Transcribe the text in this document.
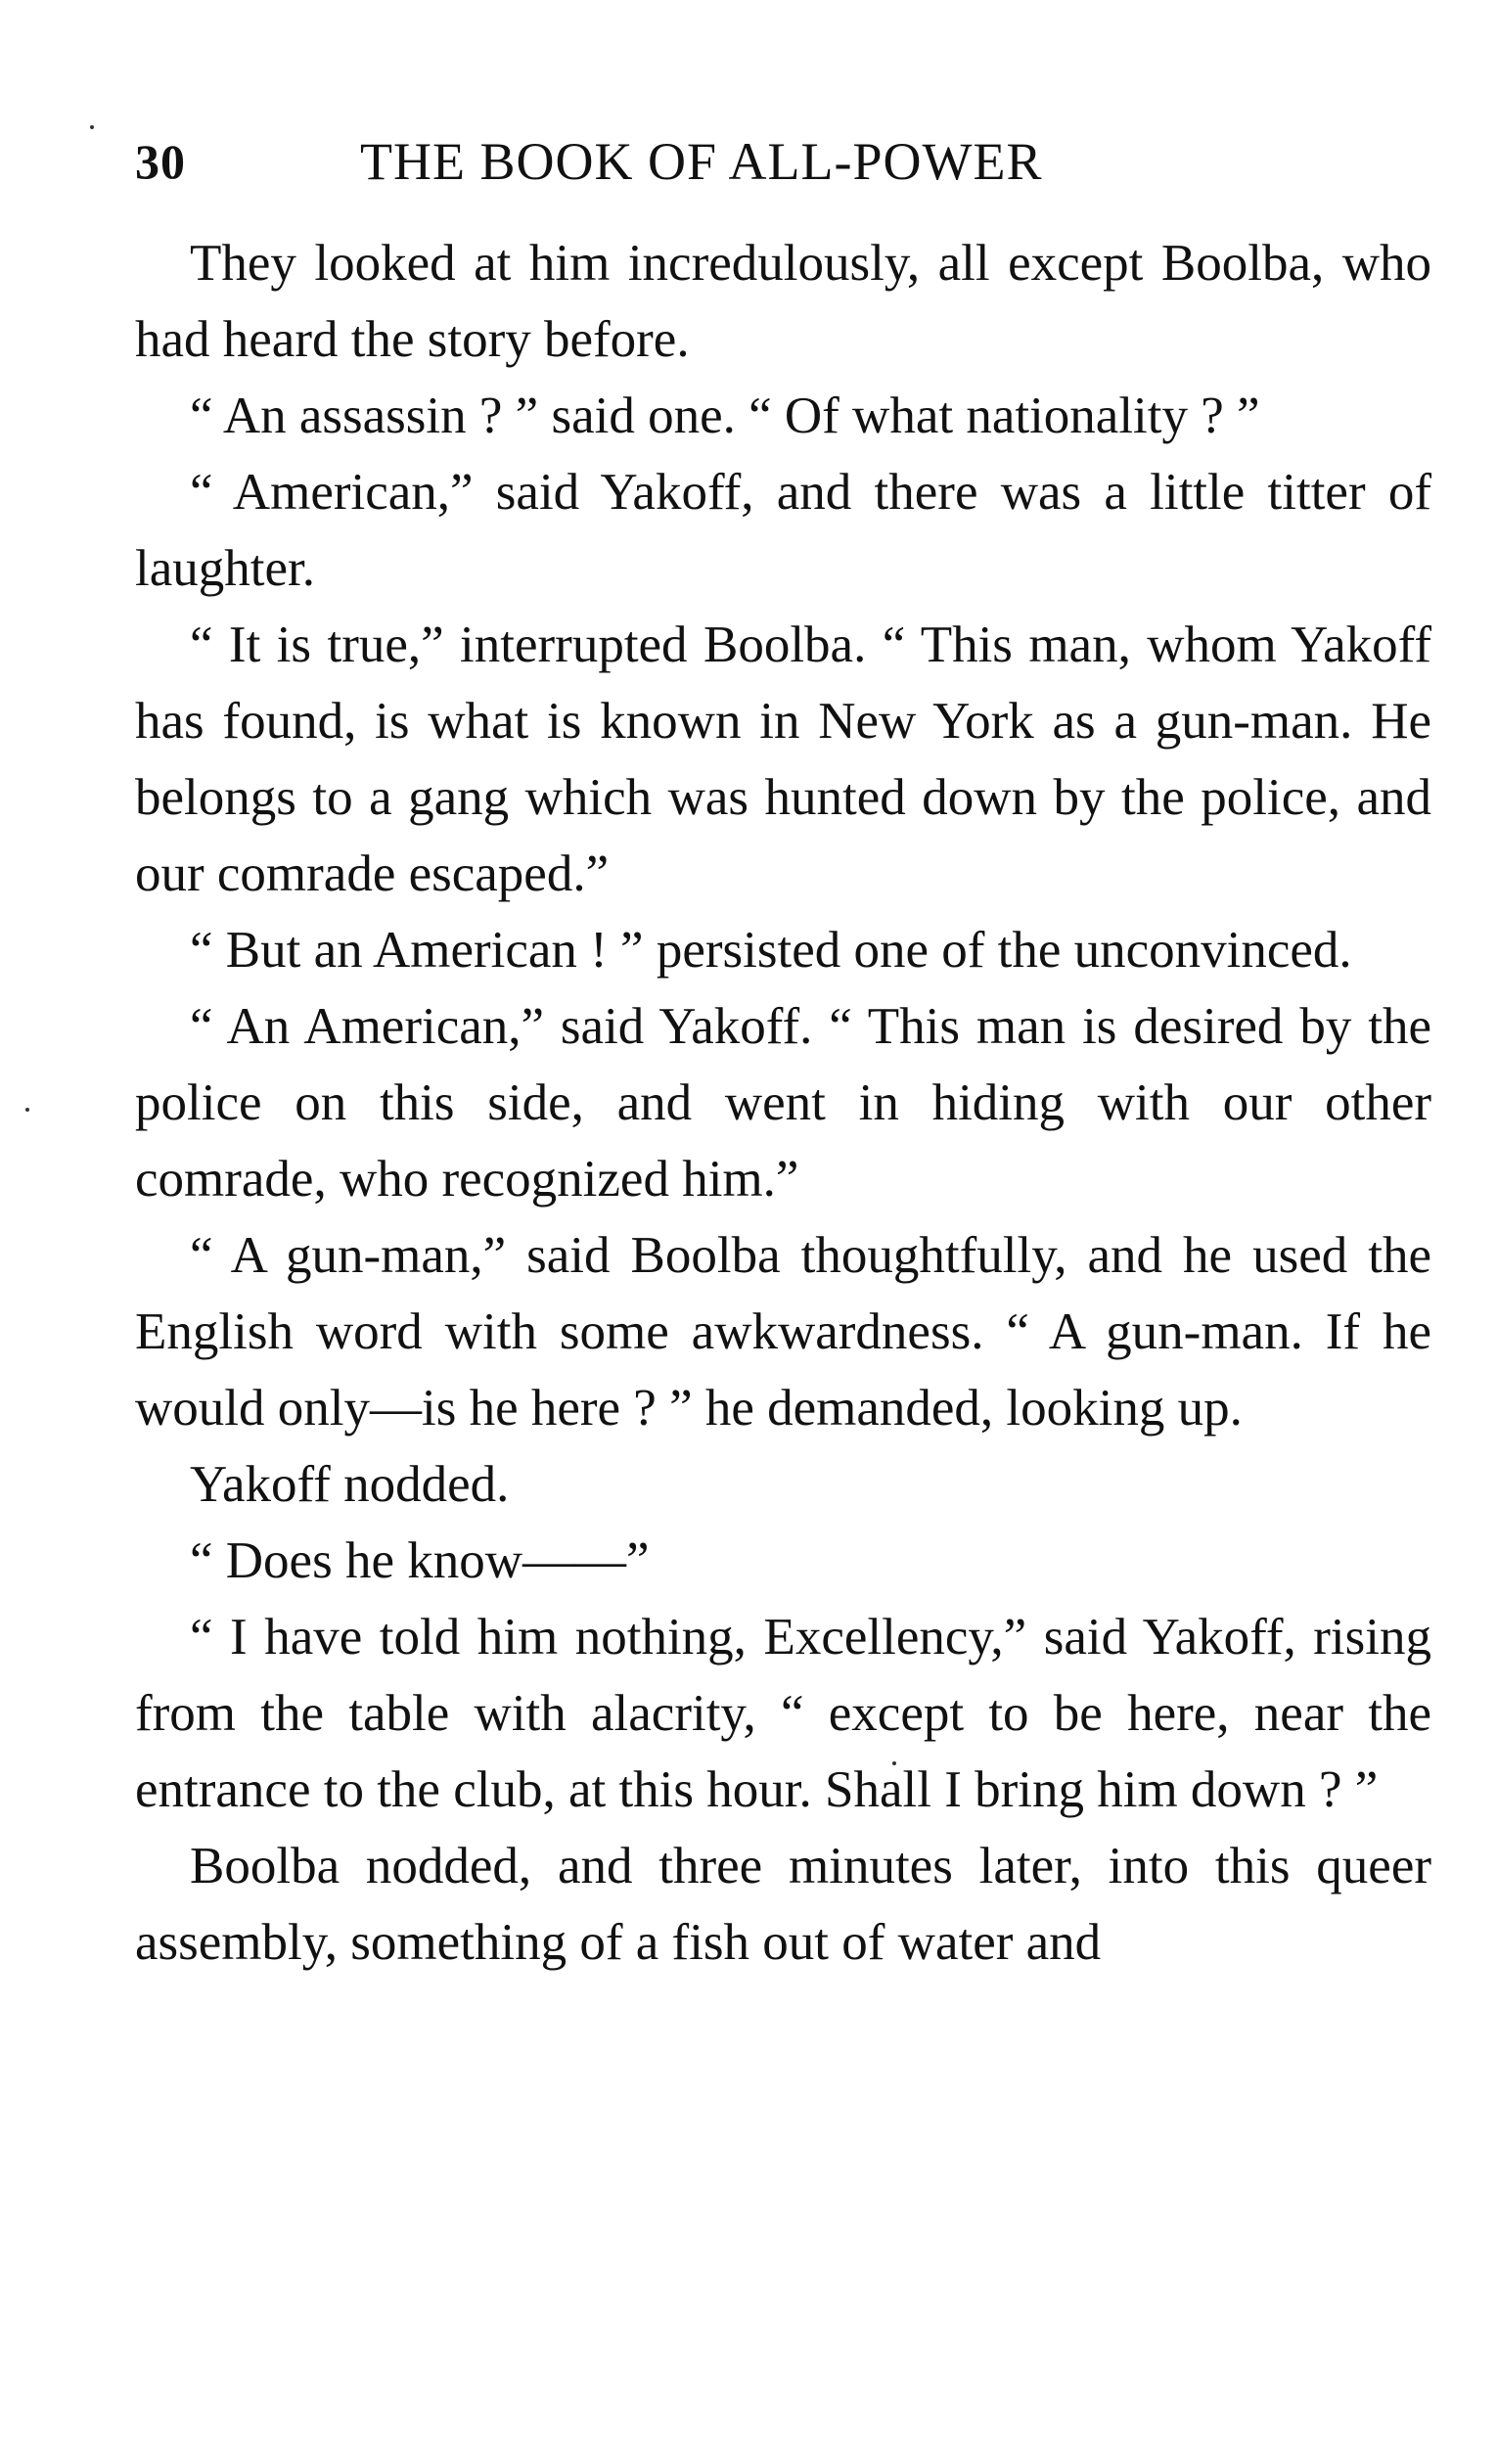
30	THE BOOK OF ALL-POWER

They looked at him incredulously, all except Boolba, who had heard the story before.

“ An assassin ? ” said one. “ Of what nationality ? ”

“ American,” said Yakoff, and there was a little titter of laughter.

“ It is true,” interrupted Boolba. “ This man, whom Yakoff has found, is what is known in New York as a gun-man. He belongs to a gang which was hunted down by the police, and our comrade escaped.”

“ But an American ! ” persisted one of the unconvinced.

“ An American,” said Yakoff. “ This man is desired by the police on this side, and went in hiding with our other comrade, who recognized him.”

“ A gun-man,” said Boolba thoughtfully, and he used the English word with some awkwardness. “ A gun-man. If he would only—is he here ? ” he demanded, looking up.

Yakoff nodded.

“ Does he know——”

“ I have told him nothing, Excellency,” said Yakoff, rising from the table with alacrity, “ except to be here, near the entrance to the club, at this hour. Shall I bring him down ? ”

Boolba nodded, and three minutes later, into this queer assembly, something of a fish out of water and
